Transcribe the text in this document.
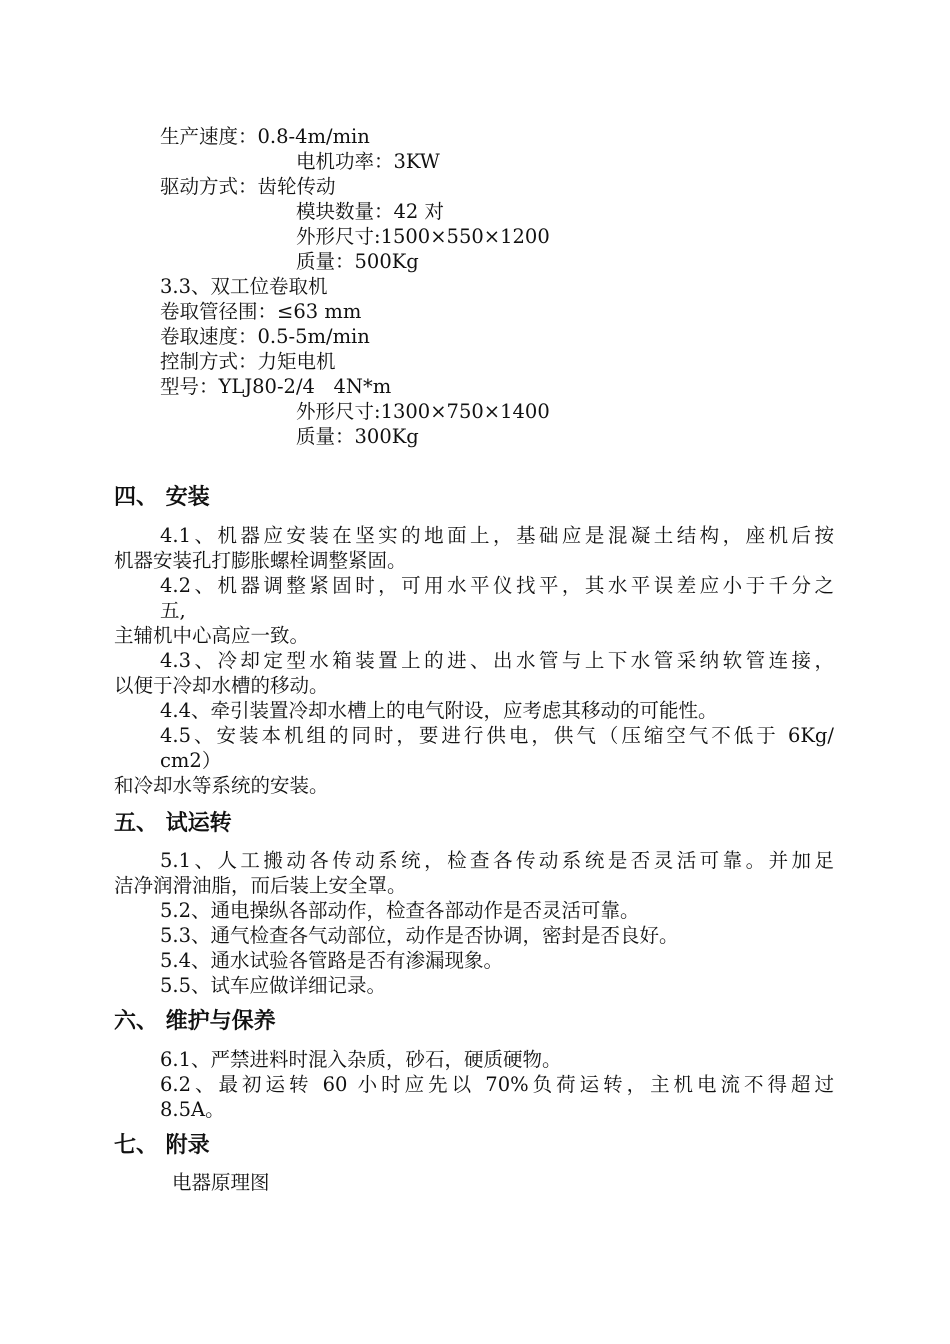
生产速度：0.8-4m/min
电机功率：3KW
驱动方式：齿轮传动
模块数量：42 对
外形尺寸:1500×550×1200
质量：500Kg
3.3、双工位卷取机
卷取管径围：≤63 mm
卷取速度：0.5-5m/min
控制方式：力矩电机
型号：YLJ80-2/4   4N*m
外形尺寸:1300×750×1400
质量：300Kg
四、 安装
4.1、机器应安装在坚实的地面上，基础应是混凝土结构，座机后按
机器安装孔打膨胀螺栓调整紧固。
4.2、机器调整紧固时，可用水平仪找平，其水平误差应小于千分之
五,
主辅机中心高应一致。
4.3、冷却定型水箱装置上的进、出水管与上下水管采纳软管连接，
以便于冷却水槽的移动。
4.4、牵引装置冷却水槽上的电气附设，应考虑其移动的可能性。
4.5、安装本机组的同时，要进行供电，供气（压缩空气不低于 6Kg/
cm2）
和冷却水等系统的安装。
五、 试运转
5.1、人工搬动各传动系统，检查各传动系统是否灵活可靠。并加足
洁净润滑油脂，而后装上安全罩。
5.2、通电操纵各部动作，检查各部动作是否灵活可靠。
5.3、通气检查各气动部位，动作是否协调，密封是否良好。
5.4、通水试验各管路是否有渗漏现象。
5.5、试车应做详细记录。
六、 维护与保养
6.1、严禁进料时混入杂质，砂石，硬质硬物。
6.2、最初运转 60 小时应先以 70%负荷运转，主机电流不得超过
8.5A。
七、 附录
电器原理图
